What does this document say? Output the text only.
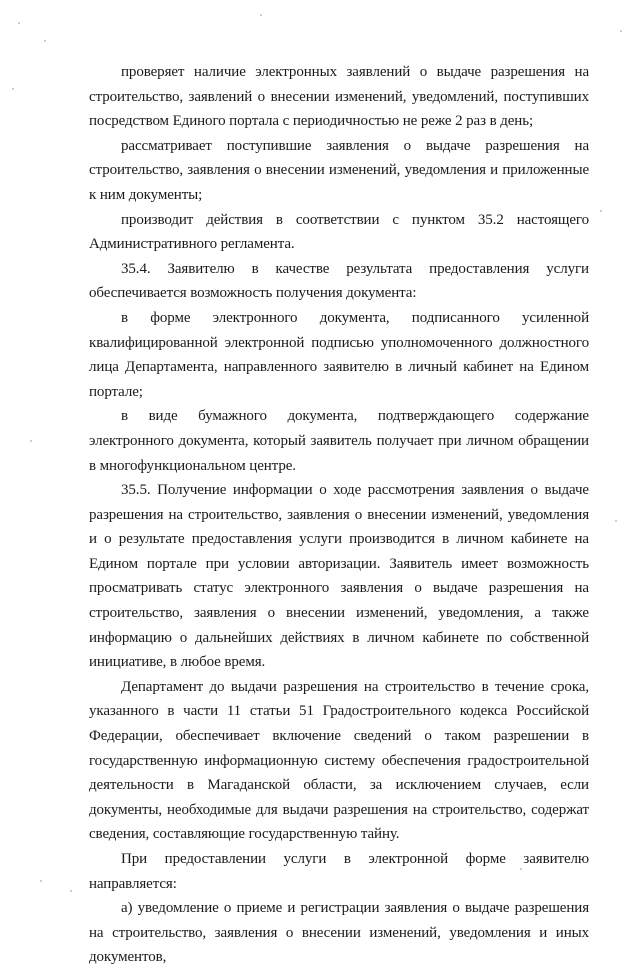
проверяет наличие электронных заявлений о выдаче разрешения на строительство, заявлений о внесении изменений, уведомлений, поступивших посредством Единого портала с периодичностью не реже 2 раз в день;

рассматривает поступившие заявления о выдаче разрешения на строительство, заявления о внесении изменений, уведомления и приложенные к ним документы;

производит действия в соответствии с пунктом 35.2 настоящего Административного регламента.

35.4. Заявителю в качестве результата предоставления услуги обеспечивается возможность получения документа:

в форме электронного документа, подписанного усиленной квалифицированной электронной подписью уполномоченного должностного лица Департамента, направленного заявителю в личный кабинет на Едином портале;

в виде бумажного документа, подтверждающего содержание электронного документа, который заявитель получает при личном обращении в многофункциональном центре.

35.5. Получение информации о ходе рассмотрения заявления о выдаче разрешения на строительство, заявления о внесении изменений, уведомления и о результате предоставления услуги производится в личном кабинете на Едином портале при условии авторизации. Заявитель имеет возможность просматривать статус электронного заявления о выдаче разрешения на строительство, заявления о внесении изменений, уведомления, а также информацию о дальнейших действиях в личном кабинете по собственной инициативе, в любое время.

Департамент до выдачи разрешения на строительство в течение срока, указанного в части 11 статьи 51 Градостроительного кодекса Российской Федерации, обеспечивает включение сведений о таком разрешении в государственную информационную систему обеспечения градостроительной деятельности в Магаданской области, за исключением случаев, если документы, необходимые для выдачи разрешения на строительство, содержат сведения, составляющие государственную тайну.

При предоставлении услуги в электронной форме заявителю направляется:

а) уведомление о приеме и регистрации заявления о выдаче разрешения на строительство, заявления о внесении изменений, уведомления и иных документов,
